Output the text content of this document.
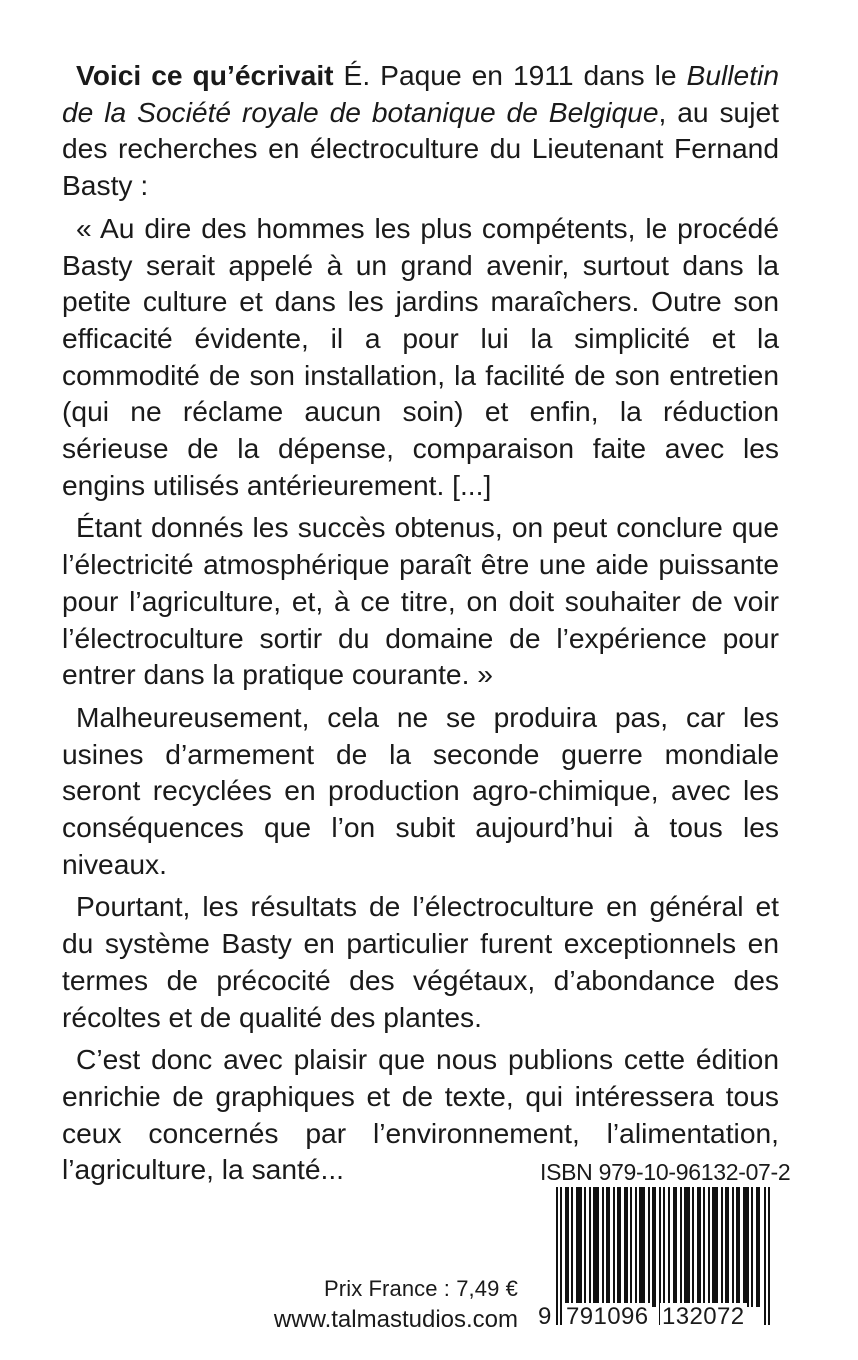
Voici ce qu’écrivait É. Paque en 1911 dans le Bulletin de la Société royale de botanique de Belgique, au sujet des recherches en électroculture du Lieutenant Fernand Basty :

« Au dire des hommes les plus compétents, le procédé Basty serait appelé à un grand avenir, surtout dans la petite culture et dans les jardins maraîchers. Outre son efficacité évidente, il a pour lui la simplicité et la commodité de son installation, la facilité de son entretien (qui ne réclame aucun soin) et enfin, la réduction sérieuse de la dépense, comparaison faite avec les engins utilisés antérieurement. [...]

Étant donnés les succès obtenus, on peut conclure que l’électricité atmosphérique paraît être une aide puissante pour l’agriculture, et, à ce titre, on doit souhaiter de voir l’électroculture sortir du domaine de l’expérience pour entrer dans la pratique courante. »

Malheureusement, cela ne se produira pas, car les usines d’armement de la seconde guerre mondiale seront recyclées en production agro-chimique, avec les conséquences que l’on subit aujourd’hui à tous les niveaux.

Pourtant, les résultats de l’électroculture en général et du système Basty en particulier furent exceptionnels en termes de précocité des végétaux, d’abondance des récoltes et de qualité des plantes.

C’est donc avec plaisir que nous publions cette édition enrichie de graphiques et de texte, qui intéressera tous ceux concernés par l’environnement, l’alimentation, l’agriculture, la santé...

Prix France : 7,49 €
www.talmastudios.com
ISBN 979-10-96132-07-2
9 791096 132072
